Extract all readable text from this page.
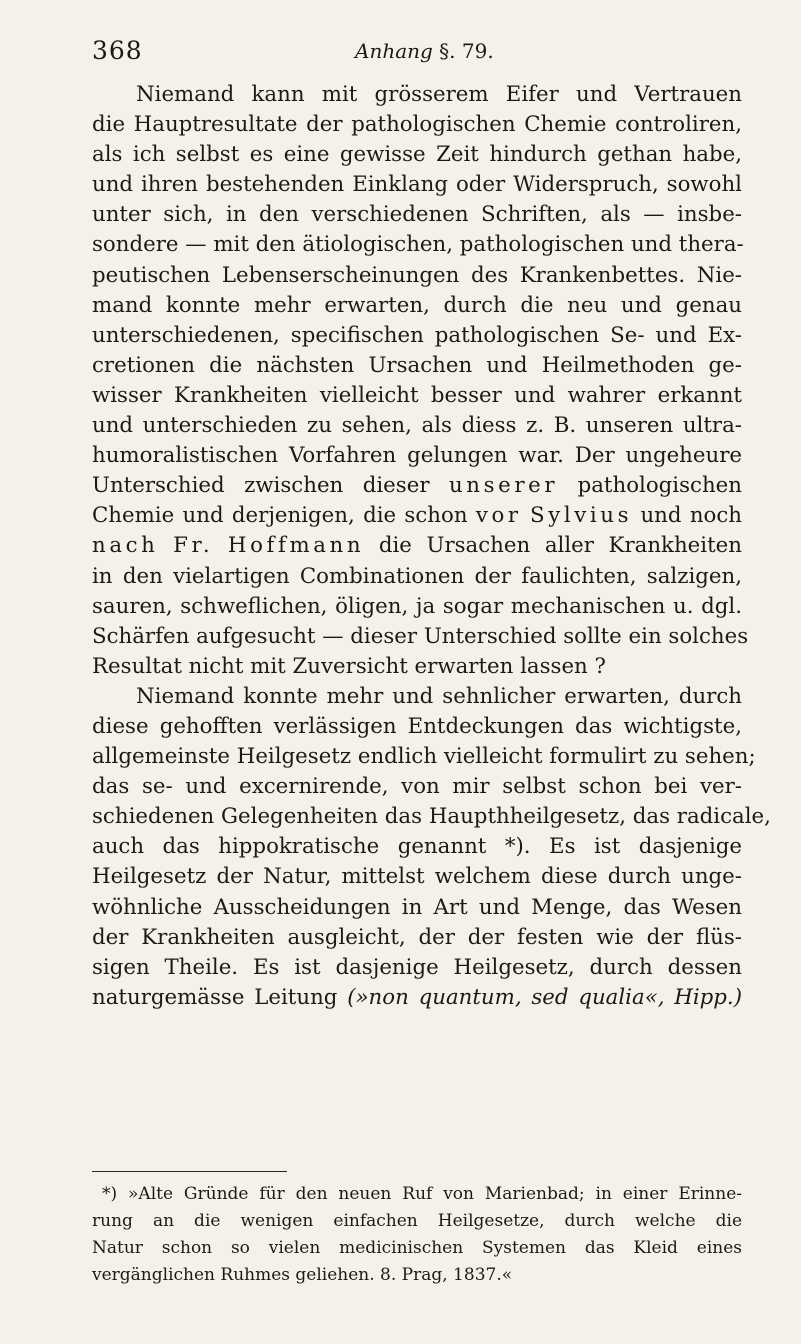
368	Anhang §. 79.
Niemand kann mit grösserem Eifer und Vertrauen
die Hauptresultate der pathologischen Chemie controliren,
als ich selbst es eine gewisse Zeit hindurch gethan habe,
und ihren bestehenden Einklang oder Widerspruch, sowohl
unter sich, in den verschiedenen Schriften, als — insbe-
sondere — mit den ätiologischen, pathologischen und thera-
peutischen Lebenserscheinungen des Krankenbettes. Nie-
mand konnte mehr erwarten, durch die neu und genau
unterschiedenen, specifischen pathologischen Se- und Ex-
cretionen die nächsten Ursachen und Heilmethoden ge-
wisser Krankheiten vielleicht besser und wahrer erkannt
und unterschieden zu sehen, als diess z. B. unseren ultra-
humoralistischen Vorfahren gelungen war. Der ungeheure
Unterschied zwischen dieser unserer pathologischen
Chemie und derjenigen, die schon vor Sylvius und noch
nach Fr. Hoffmann die Ursachen aller Krankheiten
in den vielartigen Combinationen der faulichten, salzigen,
sauren, schweflichen, öligen, ja sogar mechanischen u. dgl.
Schärfen aufgesucht — dieser Unterschied sollte ein solches
Resultat nicht mit Zuversicht erwarten lassen ?
Niemand konnte mehr und sehnlicher erwarten, durch
diese gehofften verlässigen Entdeckungen das wichtigste,
allgemeinste Heilgesetz endlich vielleicht formulirt zu sehen;
das se- und excernirende, von mir selbst schon bei ver-
schiedenen Gelegenheiten das Haupthheilgesetz, das radicale,
auch das hippokratische genannt *). Es ist dasjenige
Heilgesetz der Natur, mittelst welchem diese durch unge-
wöhnliche Ausscheidungen in Art und Menge, das Wesen
der Krankheiten ausgleicht, der der festen wie der flüs-
sigen Theile. Es ist dasjenige Heilgesetz, durch dessen
naturgemässe Leitung (»non quantum, sed qualia«, Hipp.)
*) »Alte Gründe für den neuen Ruf von Marienbad; in einer Erinne-
rung an die wenigen einfachen Heilgesetze, durch welche die
Natur schon so vielen medicinischen Systemen das Kleid eines
vergänglichen Ruhmes geliehen. 8. Prag, 1837.«
